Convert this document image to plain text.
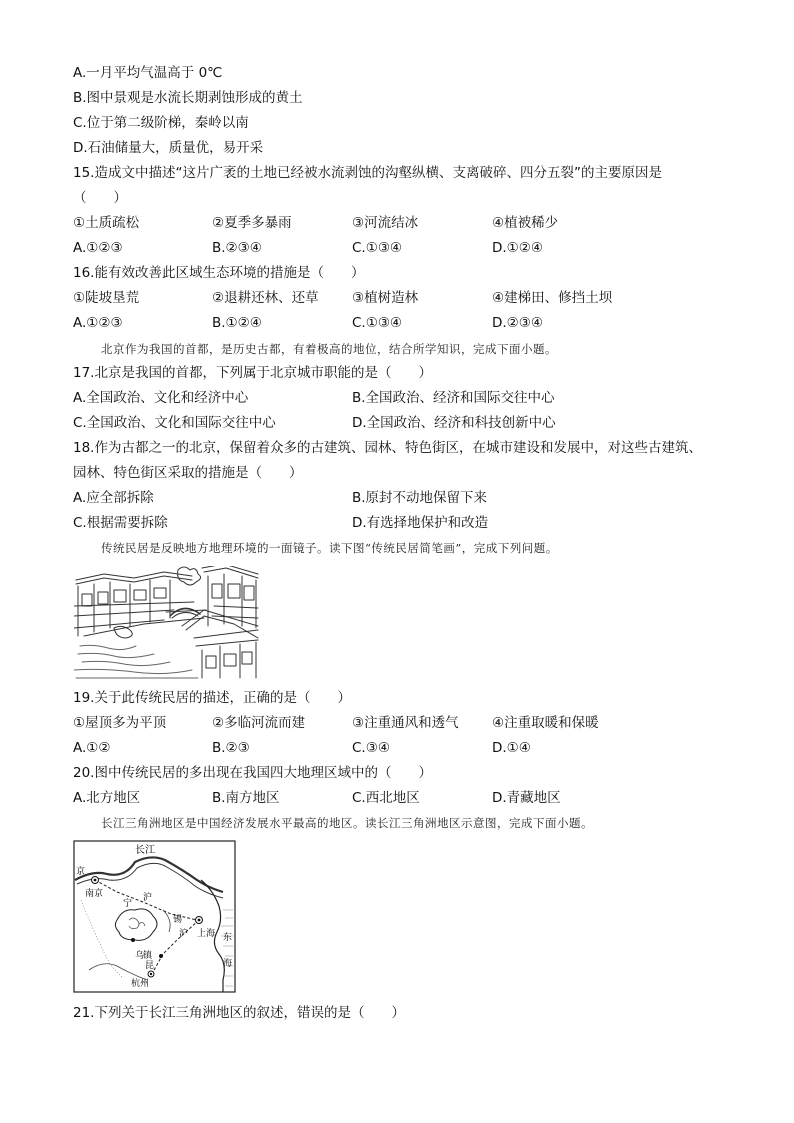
A.一月平均气温高于 0℃
B.图中景观是水流长期剥蚀形成的黄土
C.位于第二级阶梯，秦岭以南
D.石油储量大，质量优，易开采
15.造成文中描述“这片广袤的土地已经被水流剥蚀的沟壑纵横、支离破碎、四分五裂”的主要原因是
（　　）
①土质疏松	②夏季多暴雨	③河流结冰	④植被稀少
A.①②③	B.②③④	C.①③④	D.①②④
16.能有效改善此区域生态环境的措施是（　　）
①陡坡垦荒	②退耕还林、还草 ③植树造林	④建梯田、修挡土坝
A.①②③	B.①②④	C.①③④	D.②③④
北京作为我国的首都，是历史古都，有着极高的地位，结合所学知识，完成下面小题。
17.北京是我国的首都，下列属于北京城市职能的是（　　）
A.全国政治、文化和经济中心	B.全国政治、经济和国际交往中心
C.全国政治、文化和国际交往中心	D.全国政治、经济和科技创新中心
18.作为古都之一的北京，保留着众多的古建筑、园林、特色街区，在城市建设和发展中，对这些古建筑、
园林、特色街区采取的措施是（　　）
A.应全部拆除	B.原封不动地保留下来
C.根据需要拆除	D.有选择地保护和改造
传统民居是反映地方地理环境的一面镜子。读下图“传统民居简笔画”，完成下列问题。
19.关于此传统民居的描述，正确的是（　　）
①屋顶多为平顶	②多临河流而建	③注重通风和透气 ④注重取暖和保暖
A.①②	B.②③	C.③④	D.①④
20.图中传统民居的多出现在我国四大地理区域中的（　　）
A.北方地区	B.南方地区	C.西北地区	D.青藏地区
长江三角洲地区是中国经济发展水平最高的地区。读长江三角洲地区示意图，完成下面小题。
长江
南京	沪
宁
锡
沪 上海 东
海
乌
镇
昆
杭州
京
21.下列关于长江三角洲地区的叙述，错误的是（　　）
